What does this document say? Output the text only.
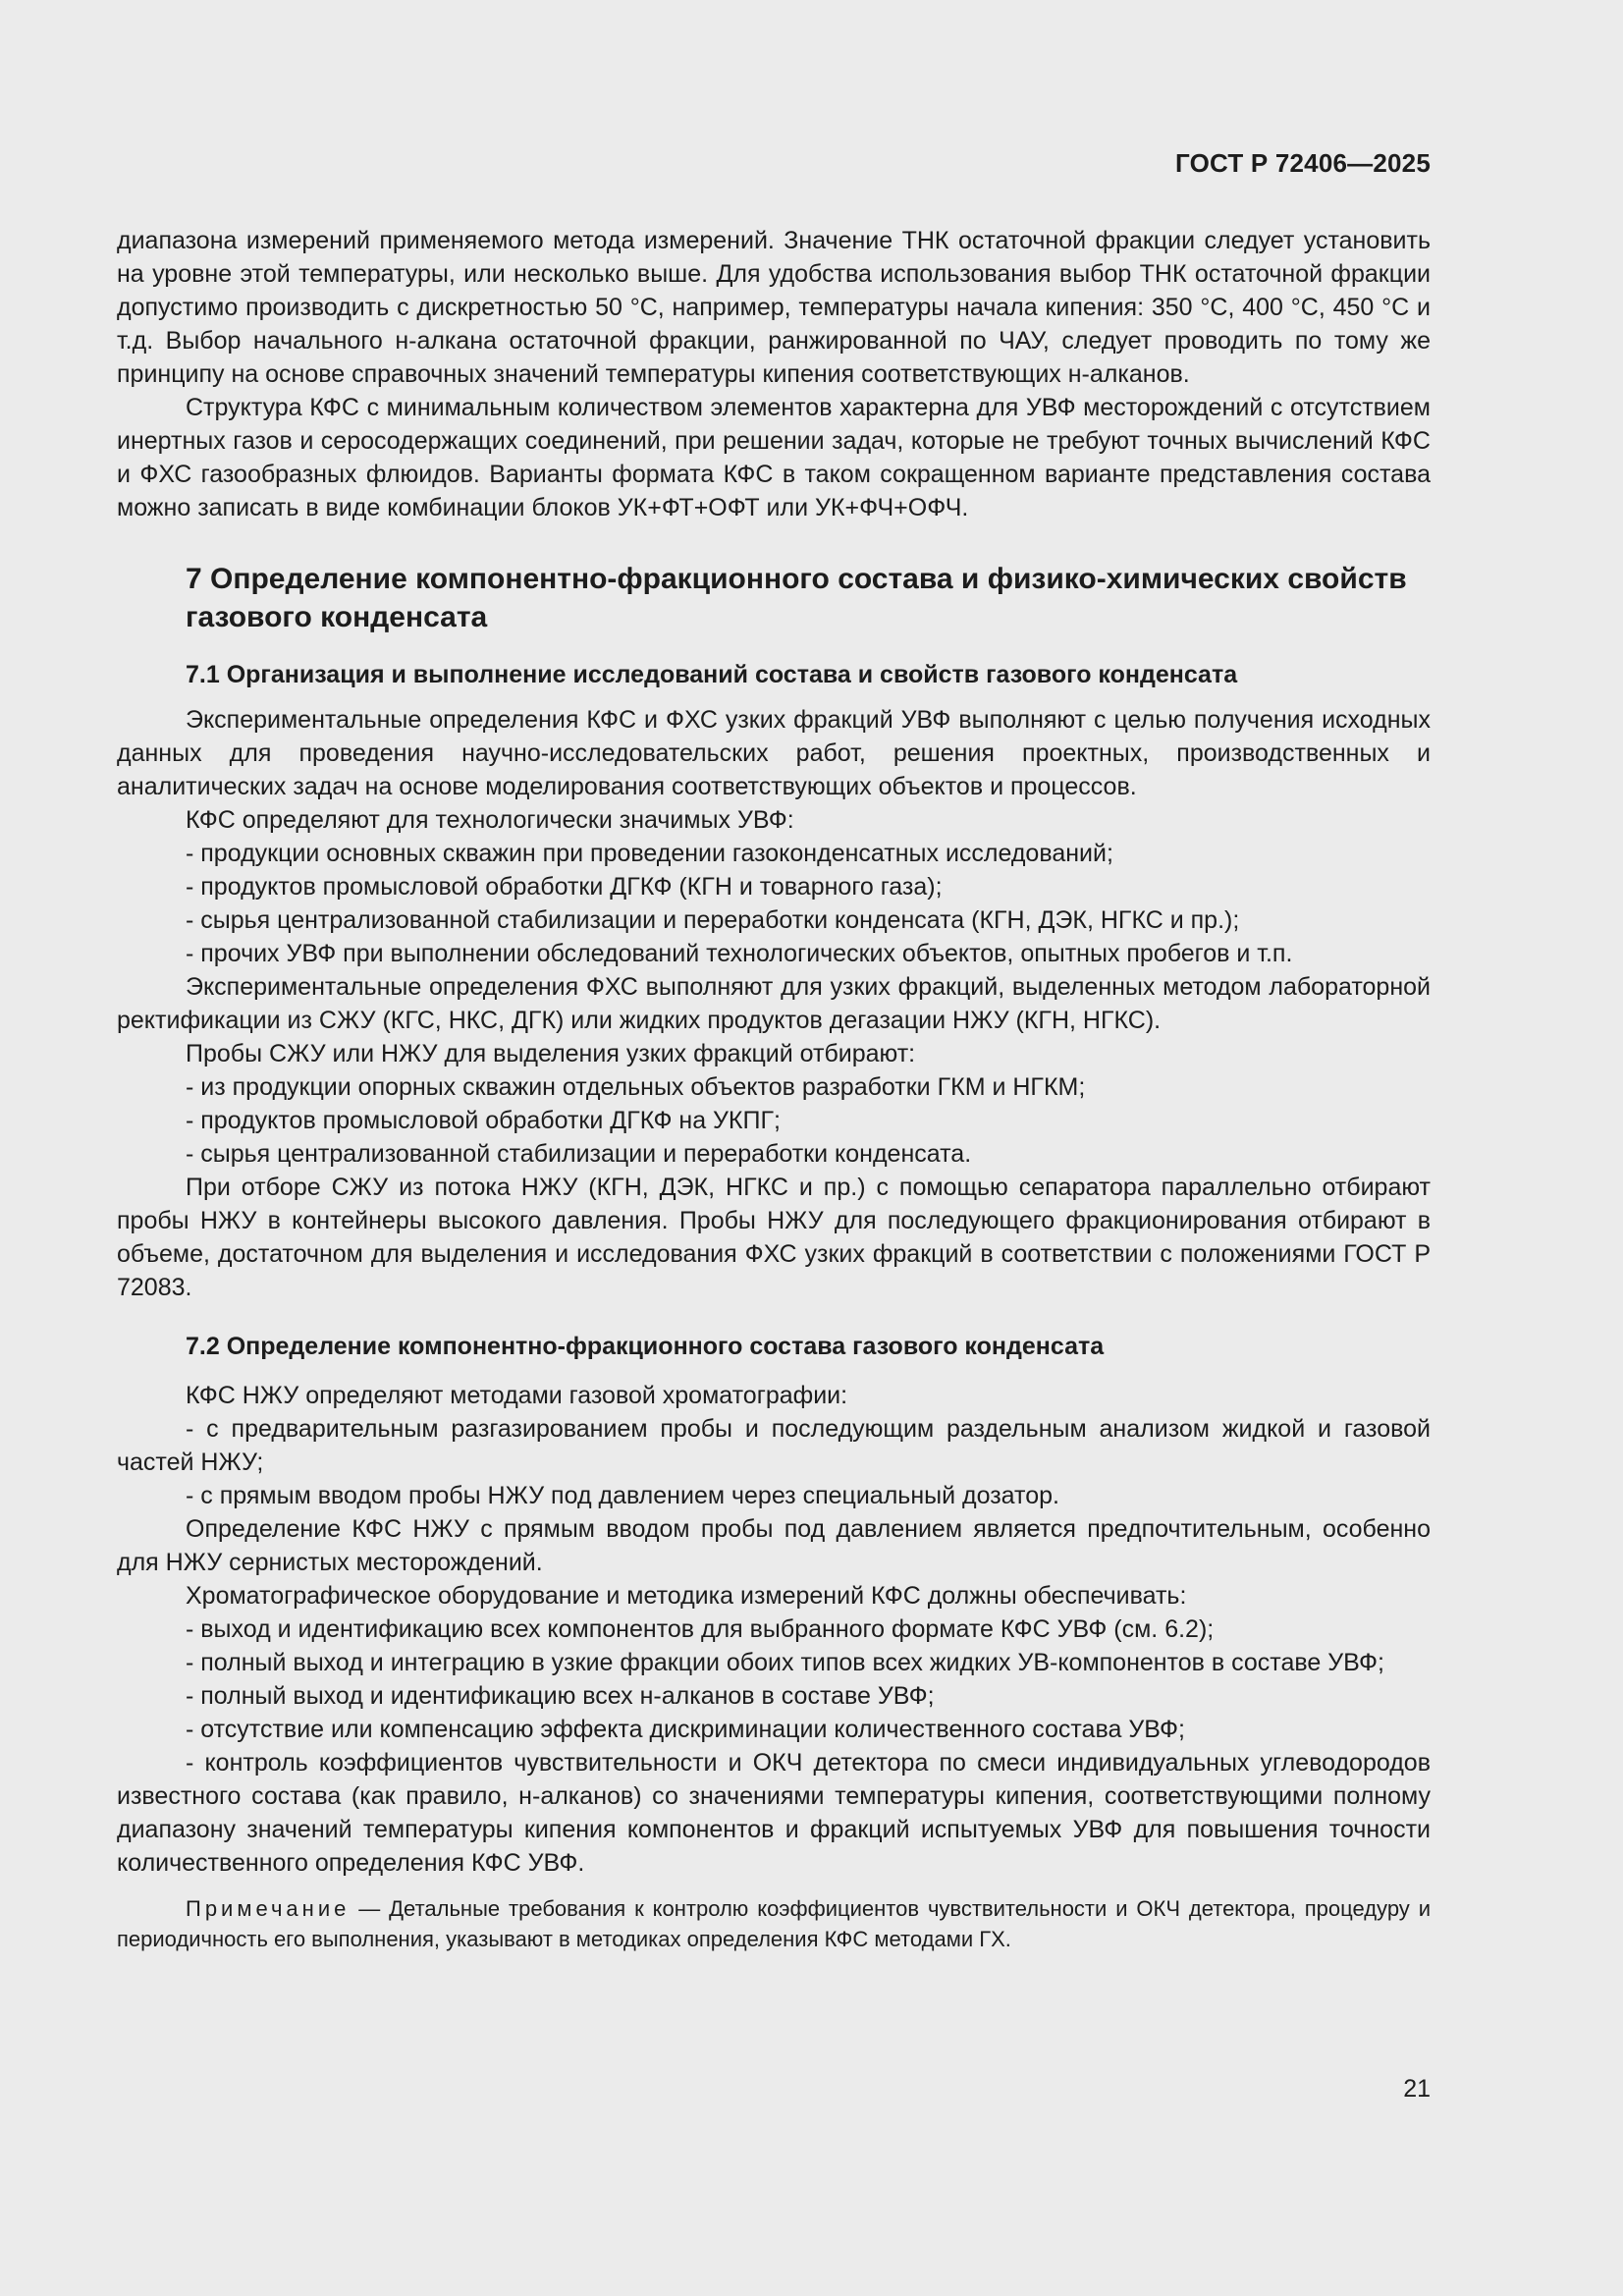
ГОСТ Р 72406—2025

диапазона измерений применяемого метода измерений. Значение ТНК остаточной фракции следует установить на уровне этой температуры, или несколько выше. Для удобства использования выбор ТНК остаточной фракции допустимо производить с дискретностью 50 °С, например, температуры начала кипения: 350 °С, 400 °С, 450 °С и т.д. Выбор начального н-алкана остаточной фракции, ранжированной по ЧАУ, следует проводить по тому же принципу на основе справочных значений температуры кипения соответствующих н-алканов.

Структура КФС с минимальным количеством элементов характерна для УВФ месторождений с отсутствием инертных газов и серосодержащих соединений, при решении задач, которые не требуют точных вычислений КФС и ФХС газообразных флюидов. Варианты формата КФС в таком сокращенном варианте представления состава можно записать в виде комбинации блоков УК+ФТ+ОФТ или УК+ФЧ+ОФЧ.

7 Определение компонентно-фракционного состава и физико-химических свойств газового конденсата
7.1 Организация и выполнение исследований состава и свойств газового конденсата

Экспериментальные определения КФС и ФХС узких фракций УВФ выполняют с целью получения исходных данных для проведения научно-исследовательских работ, решения проектных, производственных и аналитических задач на основе моделирования соответствующих объектов и процессов.

КФС определяют для технологически значимых УВФ:

- продукции основных скважин при проведении газоконденсатных исследований;

- продуктов промысловой обработки ДГКФ (КГН и товарного газа);

- сырья централизованной стабилизации и переработки конденсата (КГН, ДЭК, НГКС и пр.);

- прочих УВФ при выполнении обследований технологических объектов, опытных пробегов и т.п.

Экспериментальные определения ФХС выполняют для узких фракций, выделенных методом лабораторной ректификации из СЖУ (КГС, НКС, ДГК) или жидких продуктов дегазации НЖУ (КГН, НГКС).

Пробы СЖУ или НЖУ для выделения узких фракций отбирают:

- из продукции опорных скважин отдельных объектов разработки ГКМ и НГКМ;

- продуктов промысловой обработки ДГКФ на УКПГ;

- сырья централизованной стабилизации и переработки конденсата.

При отборе СЖУ из потока НЖУ (КГН, ДЭК, НГКС и пр.) с помощью сепаратора параллельно отбирают пробы НЖУ в контейнеры высокого давления. Пробы НЖУ для последующего фракционирования отбирают в объеме, достаточном для выделения и исследования ФХС узких фракций в соответствии с положениями ГОСТ Р 72083.

7.2 Определение компонентно-фракционного состава газового конденсата

КФС НЖУ определяют методами газовой хроматографии:

- с предварительным разгазированием пробы и последующим раздельным анализом жидкой и газовой частей НЖУ;

- с прямым вводом пробы НЖУ под давлением через специальный дозатор.

Определение КФС НЖУ с прямым вводом пробы под давлением является предпочтительным, особенно для НЖУ сернистых месторождений.

Хроматографическое оборудование и методика измерений КФС должны обеспечивать:

- выход и идентификацию всех компонентов для выбранного формате КФС УВФ (см. 6.2);

- полный выход и интеграцию в узкие фракции обоих типов всех жидких УВ-компонентов в составе УВФ;

- полный выход и идентификацию всех н-алканов в составе УВФ;

- отсутствие или компенсацию эффекта дискриминации количественного состава УВФ;

- контроль коэффициентов чувствительности и ОКЧ детектора по смеси индивидуальных углеводородов известного состава (как правило, н-алканов) со значениями температуры кипения, соответствующими полному диапазону значений температуры кипения компонентов и фракций испытуемых УВФ для повышения точности количественного определения КФС УВФ.

Примечание — Детальные требования к контролю коэффициентов чувствительности и ОКЧ детектора, процедуру и периодичность его выполнения, указывают в методиках определения КФС методами ГХ.

21
